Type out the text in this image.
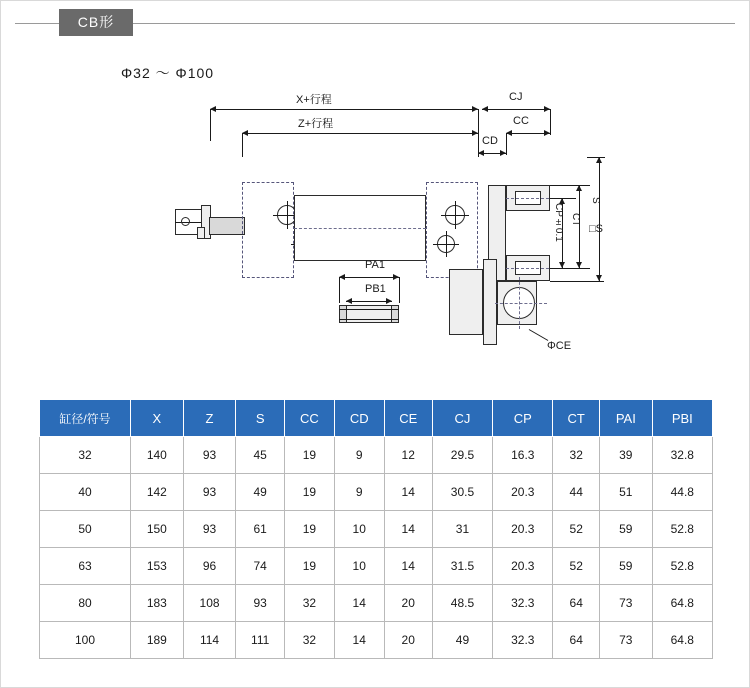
CB形
Φ32 ～ Φ100
X+行程
Z+行程
CJ
CC
CD
CP±0.1 CT
S
□S
PA1
PB1
ΦCE
缸径/符号	X	Z	S	CC	CD	CE	CJ	CP	CT	PAI	PBI
32	140	93	45	19	9	12	29.5	16.3	32	39	32.8
40	142	93	49	19	9	14	30.5	20.3	44	51	44.8
50	150	93	61	19	10	14	31	20.3	52	59	52.8
63	153	96	74	19	10	14	31.5	20.3	52	59	52.8
80	183	108	93	32	14	20	48.5	32.3	64	73	64.8
100	189	114	111	32	14	20	49	32.3	64	73	64.8
